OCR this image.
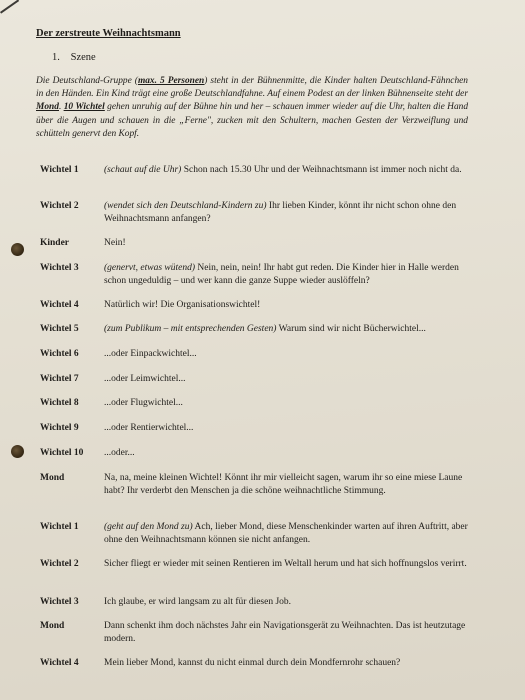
Der zerstreute Weihnachtsmann
1. Szene
Die Deutschland-Gruppe (max. 5 Personen) steht in der Bühnenmitte, die Kinder halten Deutschland-Fähnchen in den Händen. Ein Kind trägt eine große Deutschlandfahne. Auf einem Podest an der linken Bühnenseite steht der Mond. 10 Wichtel gehen unruhig auf der Bühne hin und her – schauen immer wieder auf die Uhr, halten die Hand über die Augen und schauen in die „Ferne", zucken mit den Schultern, machen Gesten der Verzweiflung und schütteln genervt den Kopf.
Wichtel 1	(schaut auf die Uhr) Schon nach 15.30 Uhr und der Weihnachtsmann ist immer noch nicht da.
Wichtel 2	(wendet sich den Deutschland-Kindern zu) Ihr lieben Kinder, könnt ihr nicht schon ohne den Weihnachtsmann anfangen?
Kinder	Nein!
Wichtel 3	(genervt, etwas wütend) Nein, nein, nein! Ihr habt gut reden. Die Kinder hier in Halle werden schon ungeduldig – und wer kann die ganze Suppe wieder auslöffeln?
Wichtel 4	Natürlich wir! Die Organisationswichtel!
Wichtel 5	(zum Publikum – mit entsprechenden Gesten) Warum sind wir nicht Bücherwichtel...
Wichtel 6	...oder Einpackwichtel...
Wichtel 7	...oder Leimwichtel...
Wichtel 8	...oder Flugwichtel...
Wichtel 9	...oder Rentierwichtel...
Wichtel 10	...oder...
Mond	Na, na, meine kleinen Wichtel! Könnt ihr mir vielleicht sagen, warum ihr so eine miese Laune habt? Ihr verderbt den Menschen ja die schöne weihnachtliche Stimmung.
Wichtel 1	(geht auf den Mond zu) Ach, lieber Mond, diese Menschenkinder warten auf ihren Auftritt, aber ohne den Weihnachtsmann können sie nicht anfangen.
Wichtel 2	Sicher fliegt er wieder mit seinen Rentieren im Weltall herum und hat sich hoffnungslos verirrt.
Wichtel 3	Ich glaube, er wird langsam zu alt für diesen Job.
Mond	Dann schenkt ihm doch nächstes Jahr ein Navigationsgerät zu Weihnachten. Das ist heutzutage modern.
Wichtel 4	Mein lieber Mond, kannst du nicht einmal durch dein Mondfernrohr schauen?
